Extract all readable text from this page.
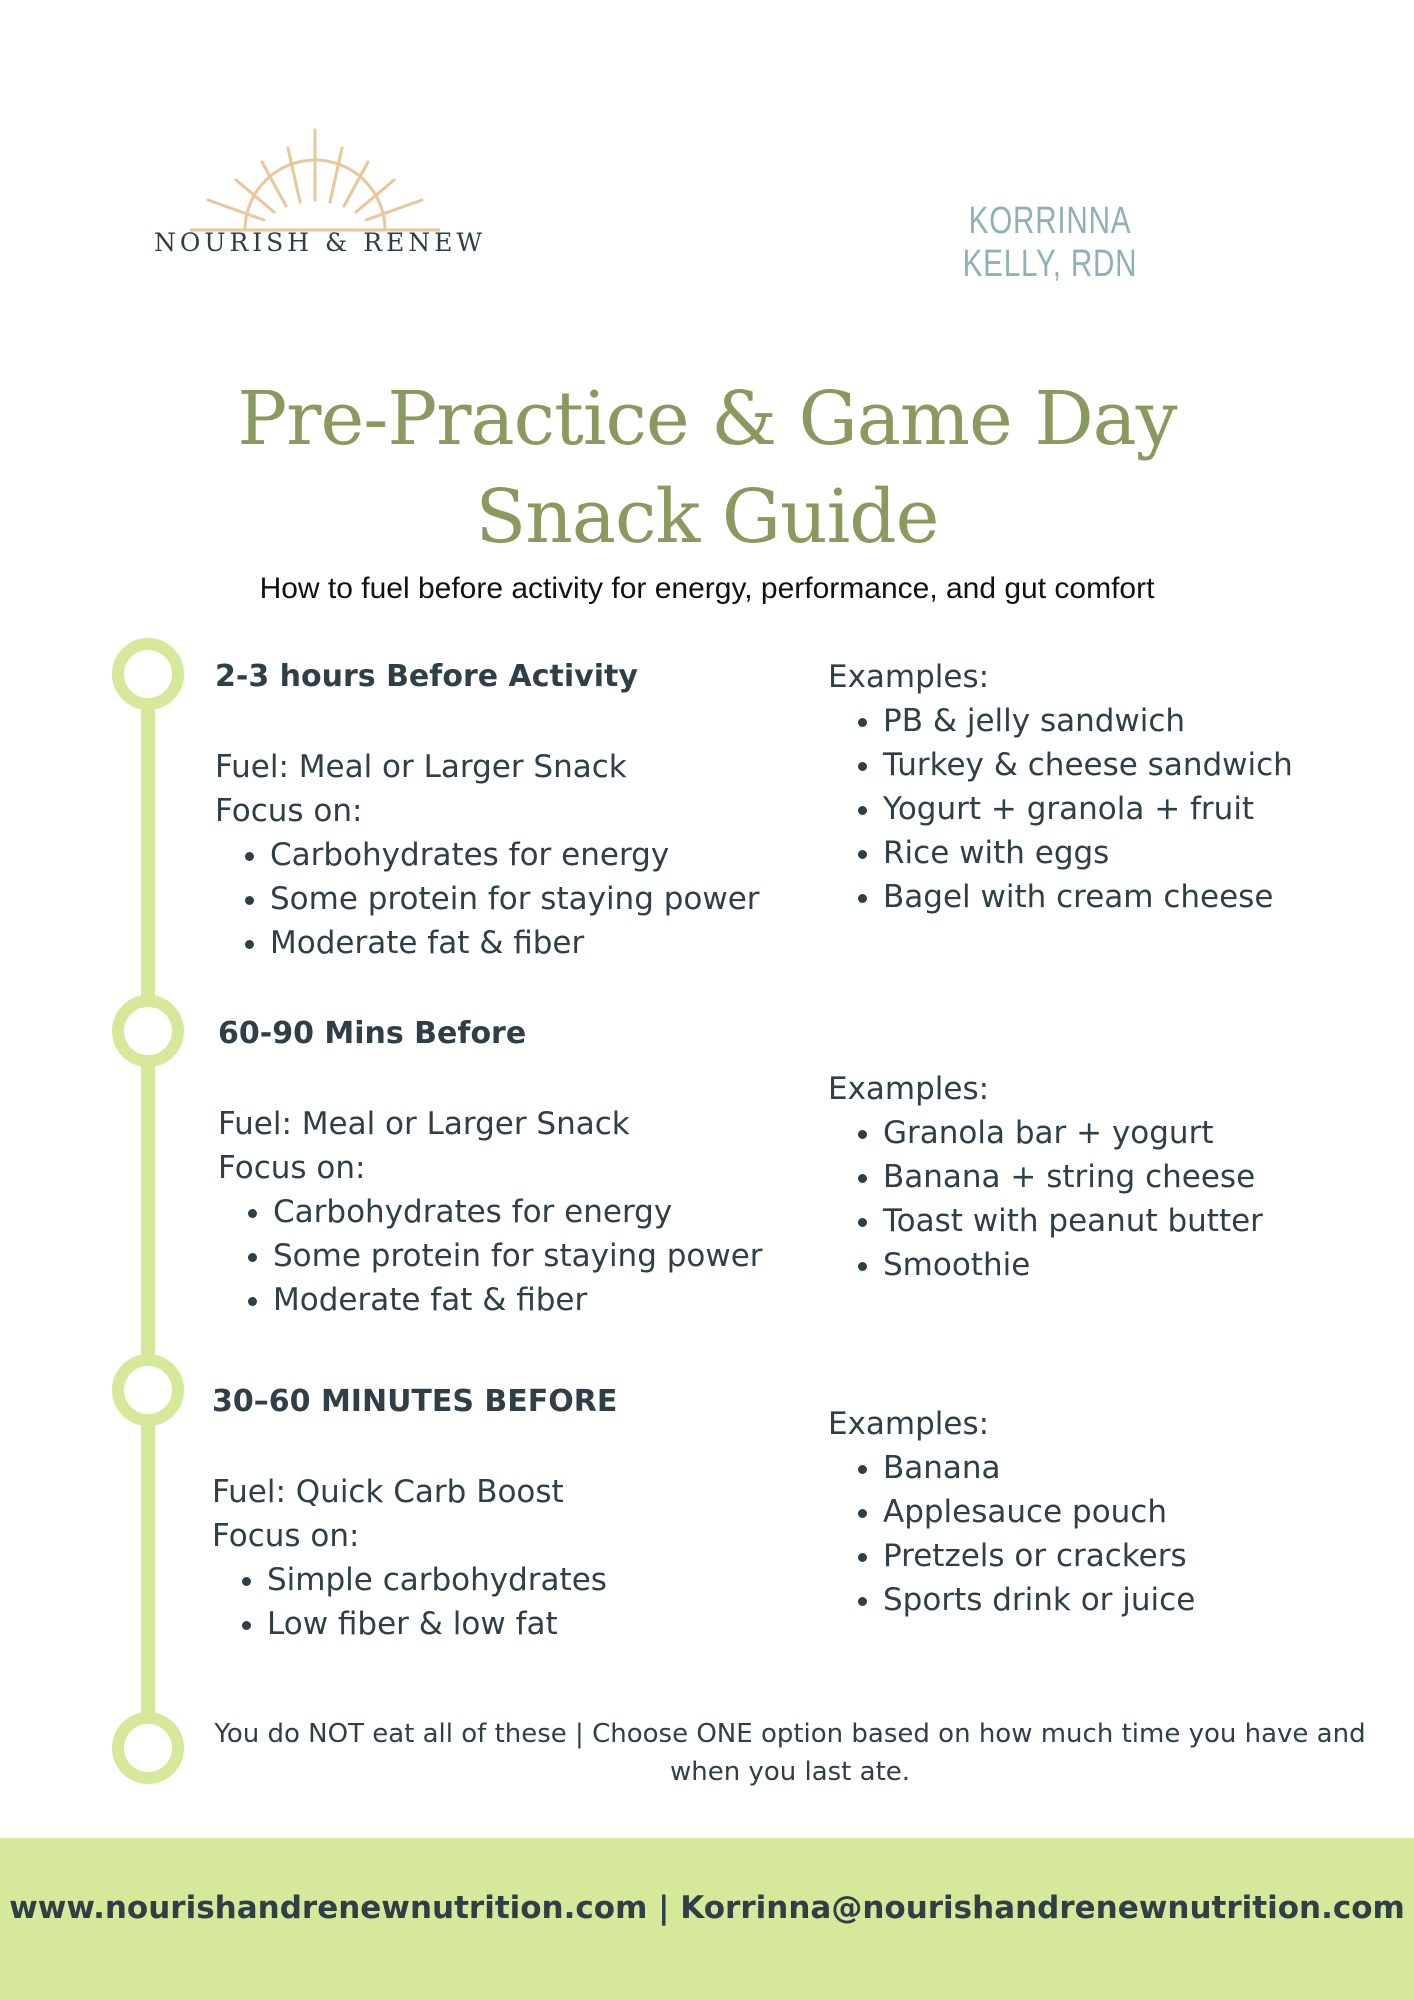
NOURISH & RENEW
KORRINNA KELLY, RDN
Pre-Practice & Game Day Snack Guide
How to fuel before activity for energy, performance, and gut comfort
2-3 hours Before Activity
Fuel: Meal or Larger Snack
Focus on:
• Carbohydrates for energy
• Some protein for staying power
• Moderate fat & fiber
Examples:
• PB & jelly sandwich
• Turkey & cheese sandwich
• Yogurt + granola + fruit
• Rice with eggs
• Bagel with cream cheese
60-90 Mins Before
Fuel: Meal or Larger Snack
Focus on:
• Carbohydrates for energy
• Some protein for staying power
• Moderate fat & fiber
Examples:
• Granola bar + yogurt
• Banana + string cheese
• Toast with peanut butter
• Smoothie
30–60 MINUTES BEFORE
Fuel: Quick Carb Boost
Focus on:
• Simple carbohydrates
• Low fiber & low fat
Examples:
• Banana
• Applesauce pouch
• Pretzels or crackers
• Sports drink or juice
You do NOT eat all of these | Choose ONE option based on how much time you have and when you last ate.
www.nourishandrenewnutrition.com | Korrinna@nourishandrenewnutrition.com
